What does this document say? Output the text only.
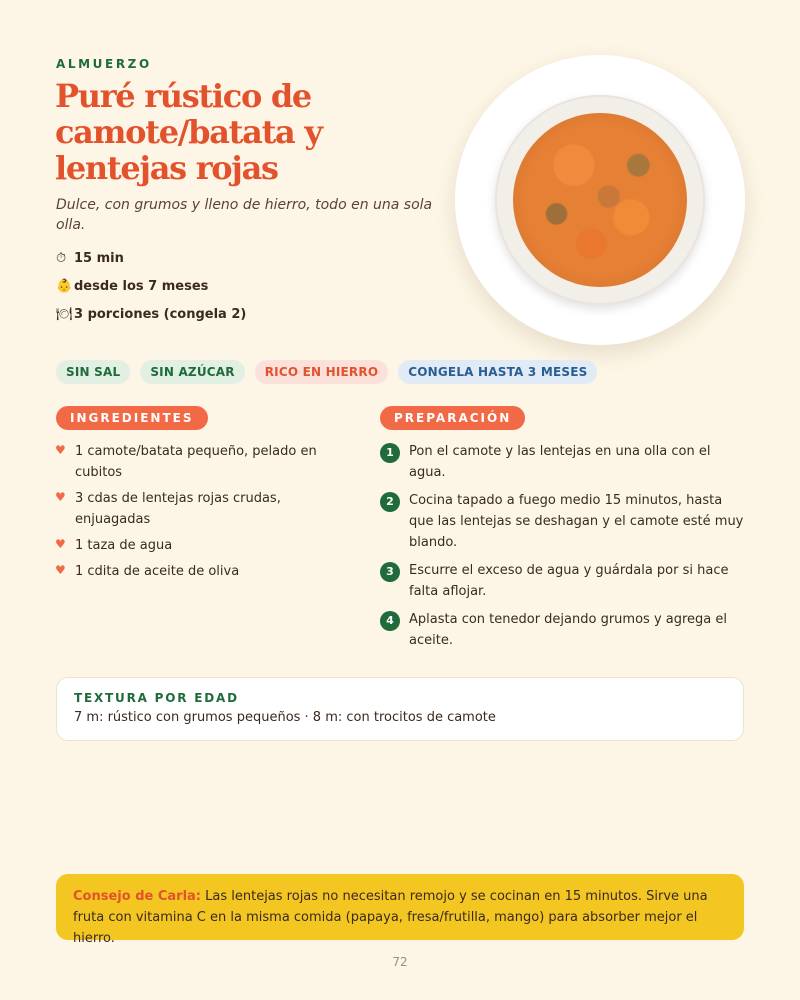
ALMUERZO
Puré rústico de camote/batata y lentejas rojas

Dulce, con grumos y lleno de hierro, todo en una sola olla.

⏱ 15 min
👶 desde los 7 meses
🍽3 porciones (congela 2)
SIN SAL	SIN AZÚCAR	RICO EN HIERRO	CONGELA HASTA 3 MESES
INGREDIENTES	PREPARACIÓN
♥ 1 camote/batata pequeño, pelado en cubitos
♥ 3 cdas de lentejas rojas crudas, enjuagadas
♥ 1 taza de agua
♥ 1 cdita de aceite de oliva
1	Pon el camote y las lentejas en una olla con el agua.
2	Cocina tapado a fuego medio 15 minutos, hasta que las lentejas se deshagan y el camote esté muy blando.
3	Escurre el exceso de agua y guárdala por si hace falta aflojar.
4	Aplasta con tenedor dejando grumos y agrega el aceite.
TEXTURA POR EDAD
7 m: rústico con grumos pequeños · 8 m: con trocitos de camote
Consejo de Carla: Las lentejas rojas no necesitan remojo y se cocinan en 15 minutos. Sirve una fruta con vitamina C en la misma comida (papaya, fresa/frutilla, mango) para absorber mejor el hierro.
72
